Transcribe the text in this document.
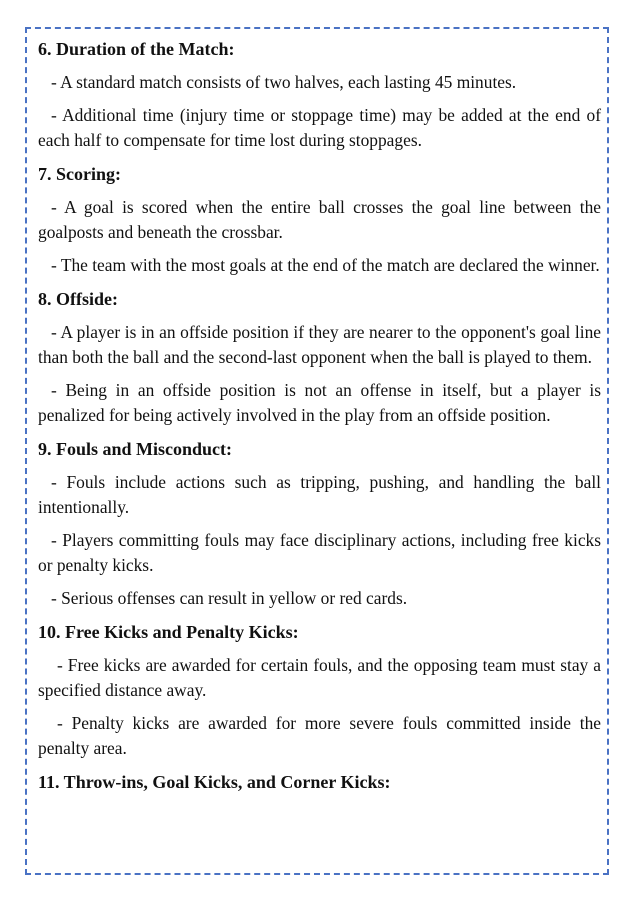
6. Duration of the Match:

- A standard match consists of two halves, each lasting 45 minutes.

- Additional time (injury time or stoppage time) may be added at the end of each half to compensate for time lost during stoppages.

7. Scoring:

- A goal is scored when the entire ball crosses the goal line between the goalposts and beneath the crossbar.

- The team with the most goals at the end of the match are declared the winner.

8. Offside:

- A player is in an offside position if they are nearer to the opponent's goal line than both the ball and the second-last opponent when the ball is played to them.

- Being in an offside position is not an offense in itself, but a player is penalized for being actively involved in the play from an offside position.

9. Fouls and Misconduct:

- Fouls include actions such as tripping, pushing, and handling the ball intentionally.

- Players committing fouls may face disciplinary actions, including free kicks or penalty kicks.

- Serious offenses can result in yellow or red cards.

10. Free Kicks and Penalty Kicks:

- Free kicks are awarded for certain fouls, and the opposing team must stay a specified distance away.

- Penalty kicks are awarded for more severe fouls committed inside the penalty area.

11. Throw-ins, Goal Kicks, and Corner Kicks:
